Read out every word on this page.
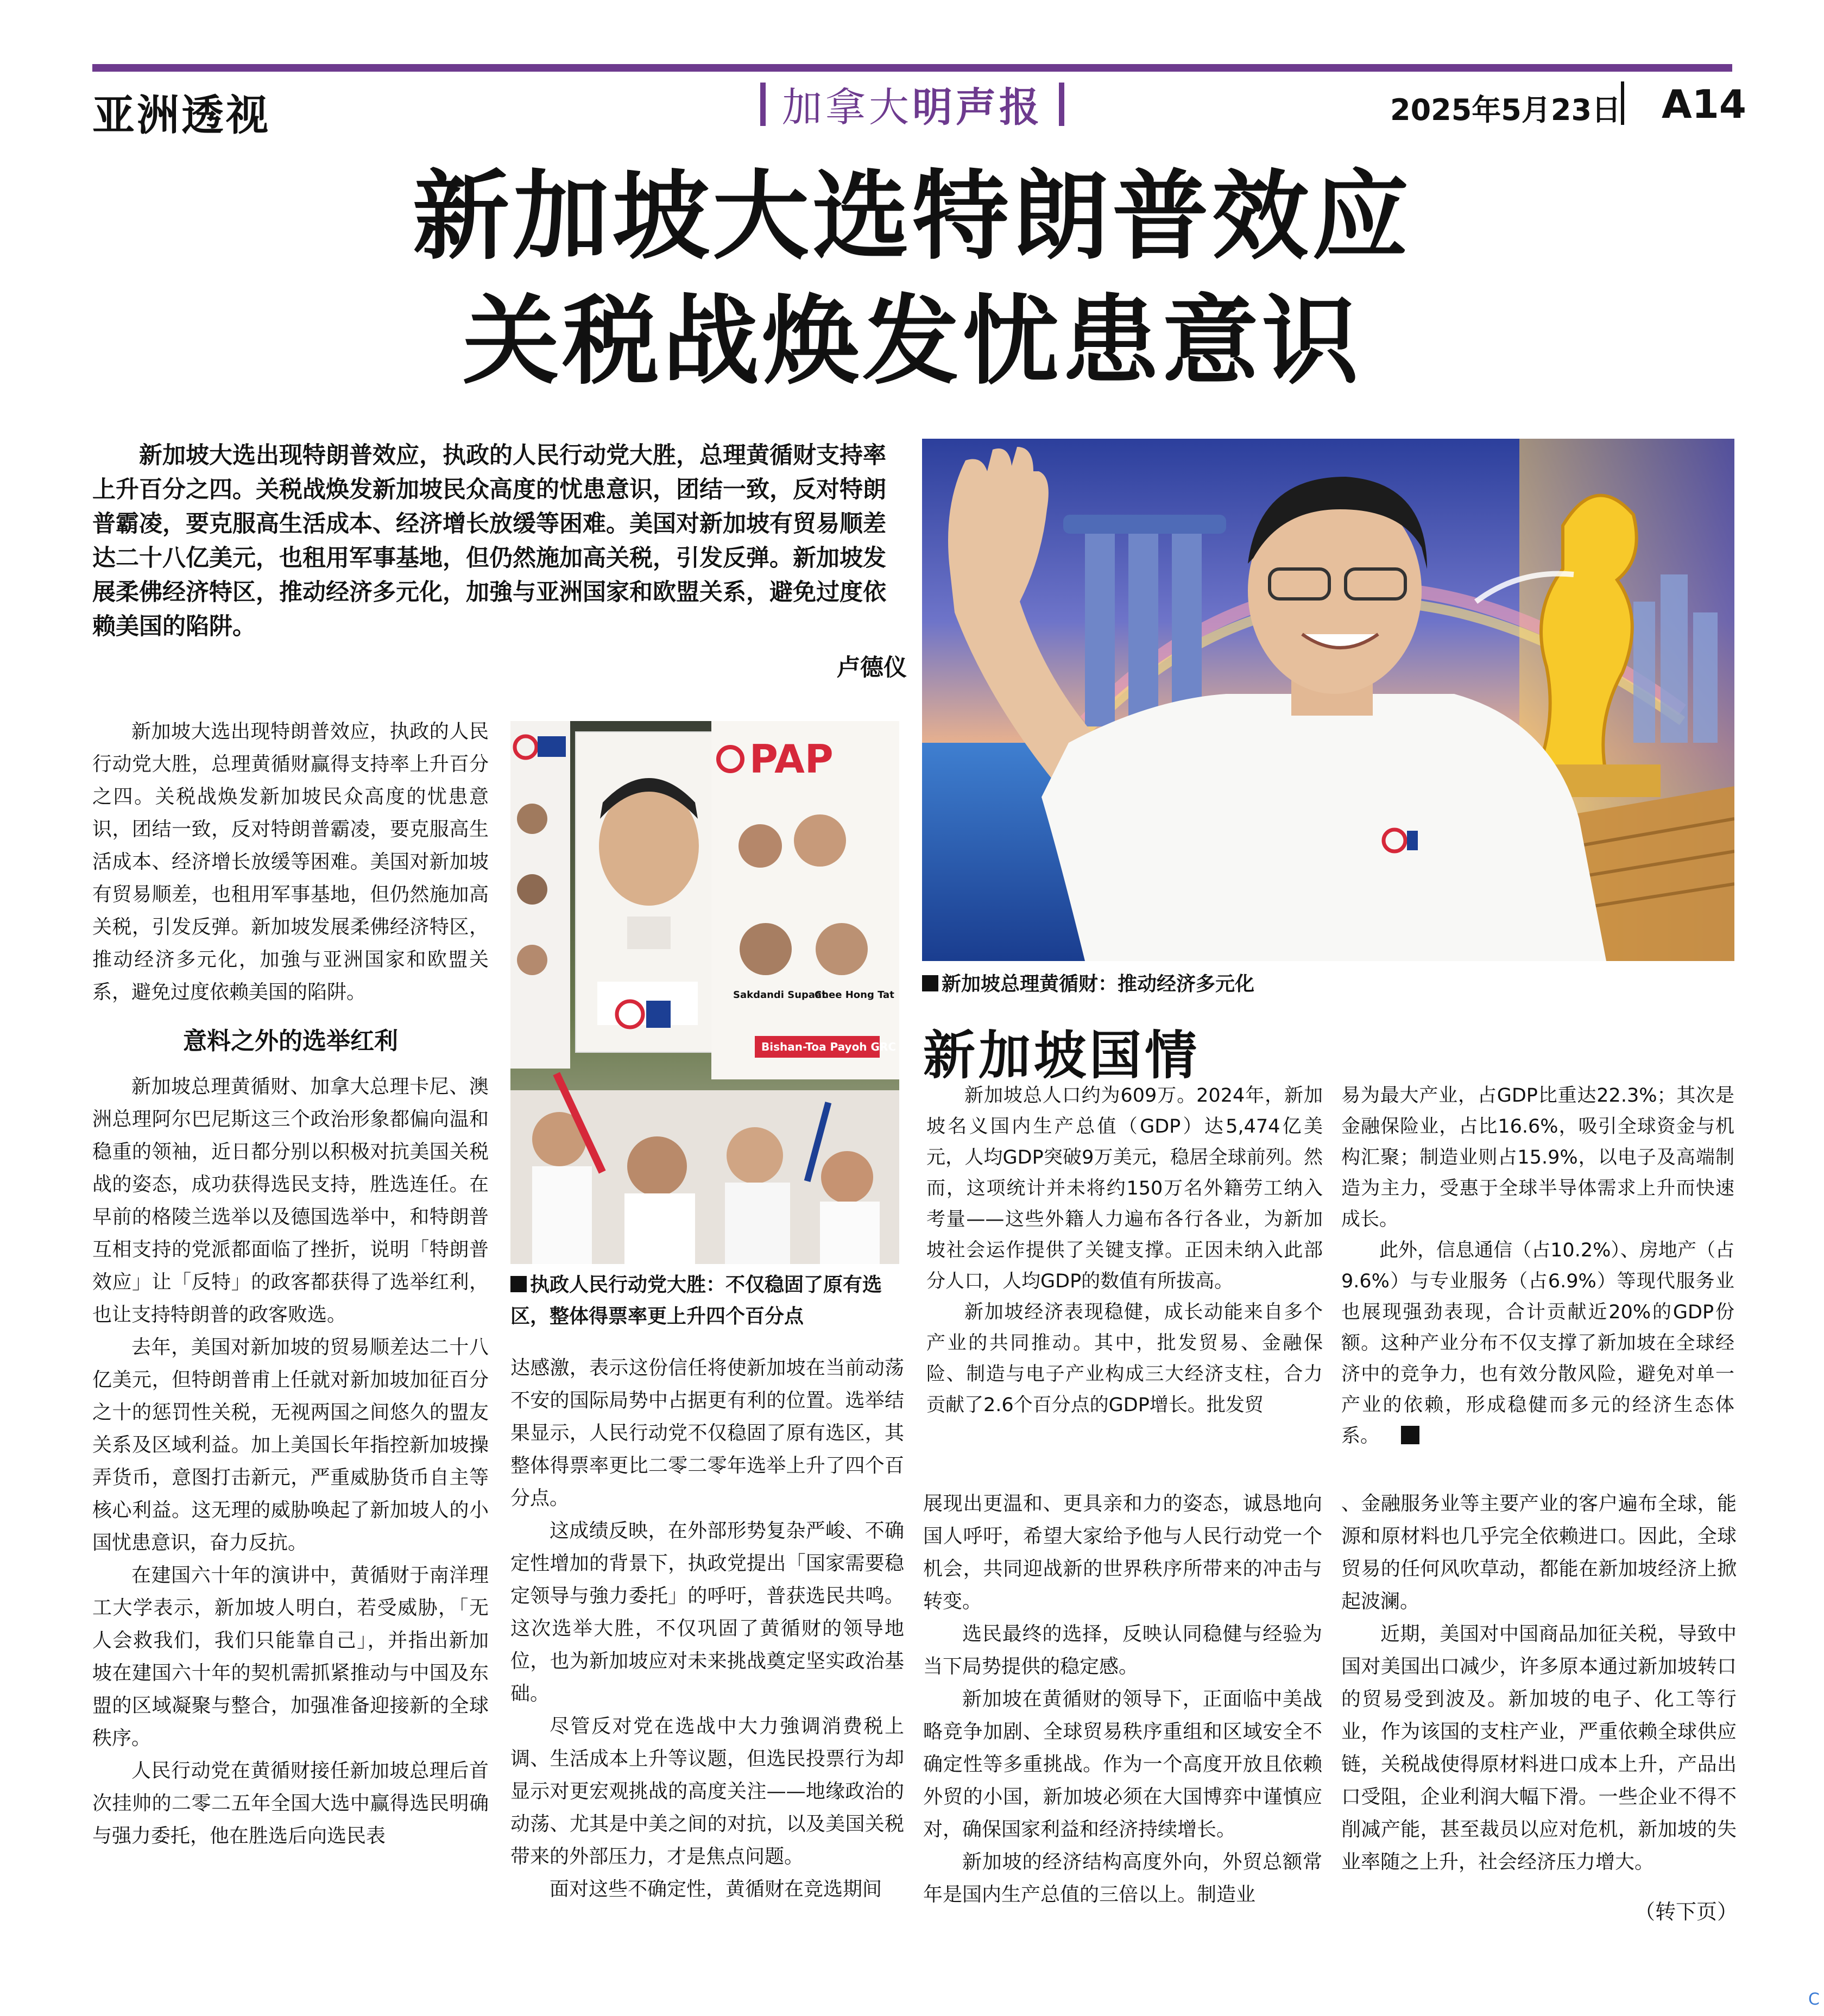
亚洲透视	加拿大 明声报	2025年5月23日 A14
新加坡大选特朗普效应
关税战焕发忧患意识

新加坡大选出现特朗普效应，执政的人民行动党大胜，总理黄循财支持率上升百分之四。关税战焕发新加坡民众高度的忧患意识，团结一致，反对特朗普霸凌，要克服高生活成本、经济增长放缓等困难。美国对新加坡有贸易顺差达二十八亿美元，也租用军事基地，但仍然施加高关税，引发反弹。新加坡发展柔佛经济特区，推动经济多元化，加強与亚洲国家和欧盟关系，避免过度依赖美国的陷阱。

卢德仪

新加坡大选出现特朗普效应，执政的人民行动党大胜，总理黄循财赢得支持率上升百分之四。关税战焕发新加坡民众高度的忧患意识，团结一致，反对特朗普霸凌，要克服高生活成本、经济增长放缓等困难。美国对新加坡有贸易顺差，也租用军事基地，但仍然施加高关税，引发反弹。新加坡发展柔佛经济特区，推动经济多元化，加強与亚洲国家和欧盟关系，避免过度依赖美国的陷阱。

意料之外的选举红利

新加坡总理黄循财、加拿大总理卡尼、澳洲总理阿尔巴尼斯这三个政治形象都偏向温和稳重的领袖，近日都分别以积极对抗美国关税战的姿态，成功获得选民支持，胜选连任。在早前的格陵兰选举以及德国选举中，和特朗普互相支持的党派都面临了挫折，说明「特朗普效应」让「反特」的政客都获得了选举红利，也让支持特朗普的政客败选。

去年，美国对新加坡的贸易顺差达二十八亿美元，但特朗普甫上任就对新加坡加征百分之十的惩罚性关税，无视两国之间悠久的盟友关系及区域利益。加上美国长年指控新加坡操弄货币，意图打击新元，严重威胁货币自主等核心利益。这无理的威胁唤起了新加坡人的小国忧患意识，奋力反抗。

在建国六十年的演讲中，黄循财于南洋理工大学表示，新加坡人明白，若受威胁，「无人会救我们，我们只能靠自己」，并指出新加坡在建国六十年的契机需抓紧推动与中国及东盟的区域凝聚与整合，加强准备迎接新的全球秩序。

人民行动党在黄循财接任新加坡总理后首次挂帅的二零二五年全国大选中赢得选民明确与强力委托，他在胜选后向选民表

PAP
Sakdandi Supaat
Chee Hong Tat
Bishan-Toa Payoh GRC
执政人民行动党大胜：不仅稳固了原有选区，整体得票率更上升四个百分点

达感激，表示这份信任将使新加坡在当前动荡不安的国际局势中占据更有利的位置。选举结果显示，人民行动党不仅稳固了原有选区，其整体得票率更比二零二零年选举上升了四个百分点。

这成绩反映，在外部形势复杂严峻、不确定性增加的背景下，执政党提出「国家需要稳定领导与強力委托」的呼吁，普获选民共鸣。这次选举大胜，不仅巩固了黄循财的领导地位，也为新加坡应对未来挑战奠定坚实政治基础。

尽管反对党在选战中大力強调消费税上调、生活成本上升等议题，但选民投票行为却显示对更宏观挑战的高度关注——地缘政治的动荡、尤其是中美之间的对抗，以及美国关税带来的外部压力，才是焦点问题。

面对这些不确定性，黄循财在竞选期间

新加坡总理黄循财：推动经济多元化
新加坡国情

新加坡总人口约为609万。2024年，新加坡名义国内生产总值（GDP）达5,474亿美元，人均GDP突破9万美元，稳居全球前列。然而，这项统计并未将约150万名外籍劳工纳入考量——这些外籍人力遍布各行各业，为新加坡社会运作提供了关键支撑。正因未纳入此部分人口，人均GDP的数值有所拔高。

新加坡经济表现稳健，成长动能来自多个产业的共同推动。其中，批发贸易、金融保险、制造与电子产业构成三大经济支柱，合力贡献了2.6个百分点的GDP增长。批发贸

易为最大产业，占GDP比重达22.3%；其次是金融保险业，占比16.6%，吸引全球资金与机构汇聚；制造业则占15.9%，以电子及高端制造为主力，受惠于全球半导体需求上升而快速成长。

此外，信息通信（占10.2%）、房地产（占9.6%）与专业服务（占6.9%）等现代服务业也展现强劲表现，合计贡献近20%的GDP份额。这种产业分布不仅支撑了新加坡在全球经济中的竞争力，也有效分散风险，避免对单一产业的依赖，形成稳健而多元的经济生态体系。

展现出更温和、更具亲和力的姿态，诚恳地向国人呼吁，希望大家给予他与人民行动党一个机会，共同迎战新的世界秩序所带来的冲击与转变。

选民最终的选择，反映认同稳健与经验为当下局势提供的稳定感。

新加坡在黄循财的领导下，正面临中美战略竞争加剧、全球贸易秩序重组和区域安全不确定性等多重挑战。作为一个高度开放且依赖外贸的小国，新加坡必须在大国博弈中谨慎应对，确保国家利益和经济持续增长。

新加坡的经济结构高度外向，外贸总额常年是国内生产总值的三倍以上。制造业

、金融服务业等主要产业的客户遍布全球，能源和原材料也几乎完全依赖进口。因此，全球贸易的任何风吹草动，都能在新加坡经济上掀起波澜。

近期，美国对中国商品加征关税，导致中国对美国出口减少，许多原本通过新加坡转口的贸易受到波及。新加坡的电子、化工等行业，作为该国的支柱产业，严重依赖全球供应链，关税战使得原材料进口成本上升，产品出口受阻，企业利润大幅下滑。一些企业不得不削减产能，甚至裁员以应对危机，新加坡的失业率随之上升，社会经济压力增大。

（转下页）
C
